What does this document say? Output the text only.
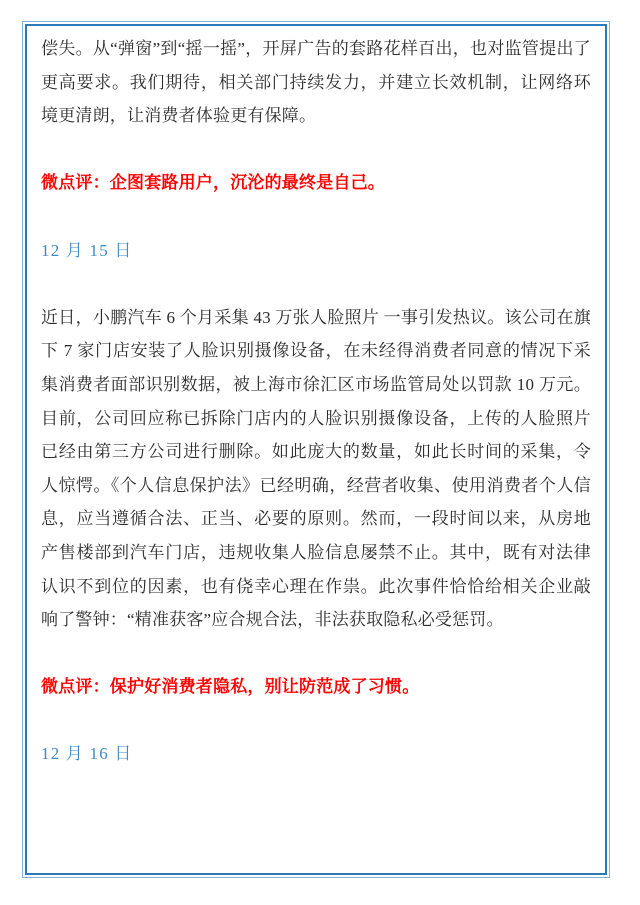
偿失。从“弹窗”到“摇一摇”，开屏广告的套路花样百出，也对监管提出了更高要求。我们期待，相关部门持续发力，并建立长效机制，让网络环境更清朗，让消费者体验更有保障。

微点评：企图套路用户，沉沦的最终是自己。

12 月 15 日

近日，小鹏汽车 6 个月采集 43 万张人脸照片 一事引发热议。该公司在旗下 7 家门店安装了人脸识别摄像设备，在未经得消费者同意的情况下采集消费者面部识别数据，被上海市徐汇区市场监管局处以罚款 10 万元。目前，公司回应称已拆除门店内的人脸识别摄像设备，上传的人脸照片已经由第三方公司进行删除。如此庞大的数量，如此长时间的采集，令人惊愕。《个人信息保护法》已经明确，经营者收集、使用消费者个人信息，应当遵循合法、正当、必要的原则。然而，一段时间以来，从房地产售楼部到汽车门店，违规收集人脸信息屡禁不止。其中，既有对法律认识不到位的因素，也有侥幸心理在作祟。此次事件恰恰给相关企业敲响了警钟：“精准获客”应合规合法，非法获取隐私必受惩罚。

微点评：保护好消费者隐私，别让防范成了习惯。

12 月 16 日
